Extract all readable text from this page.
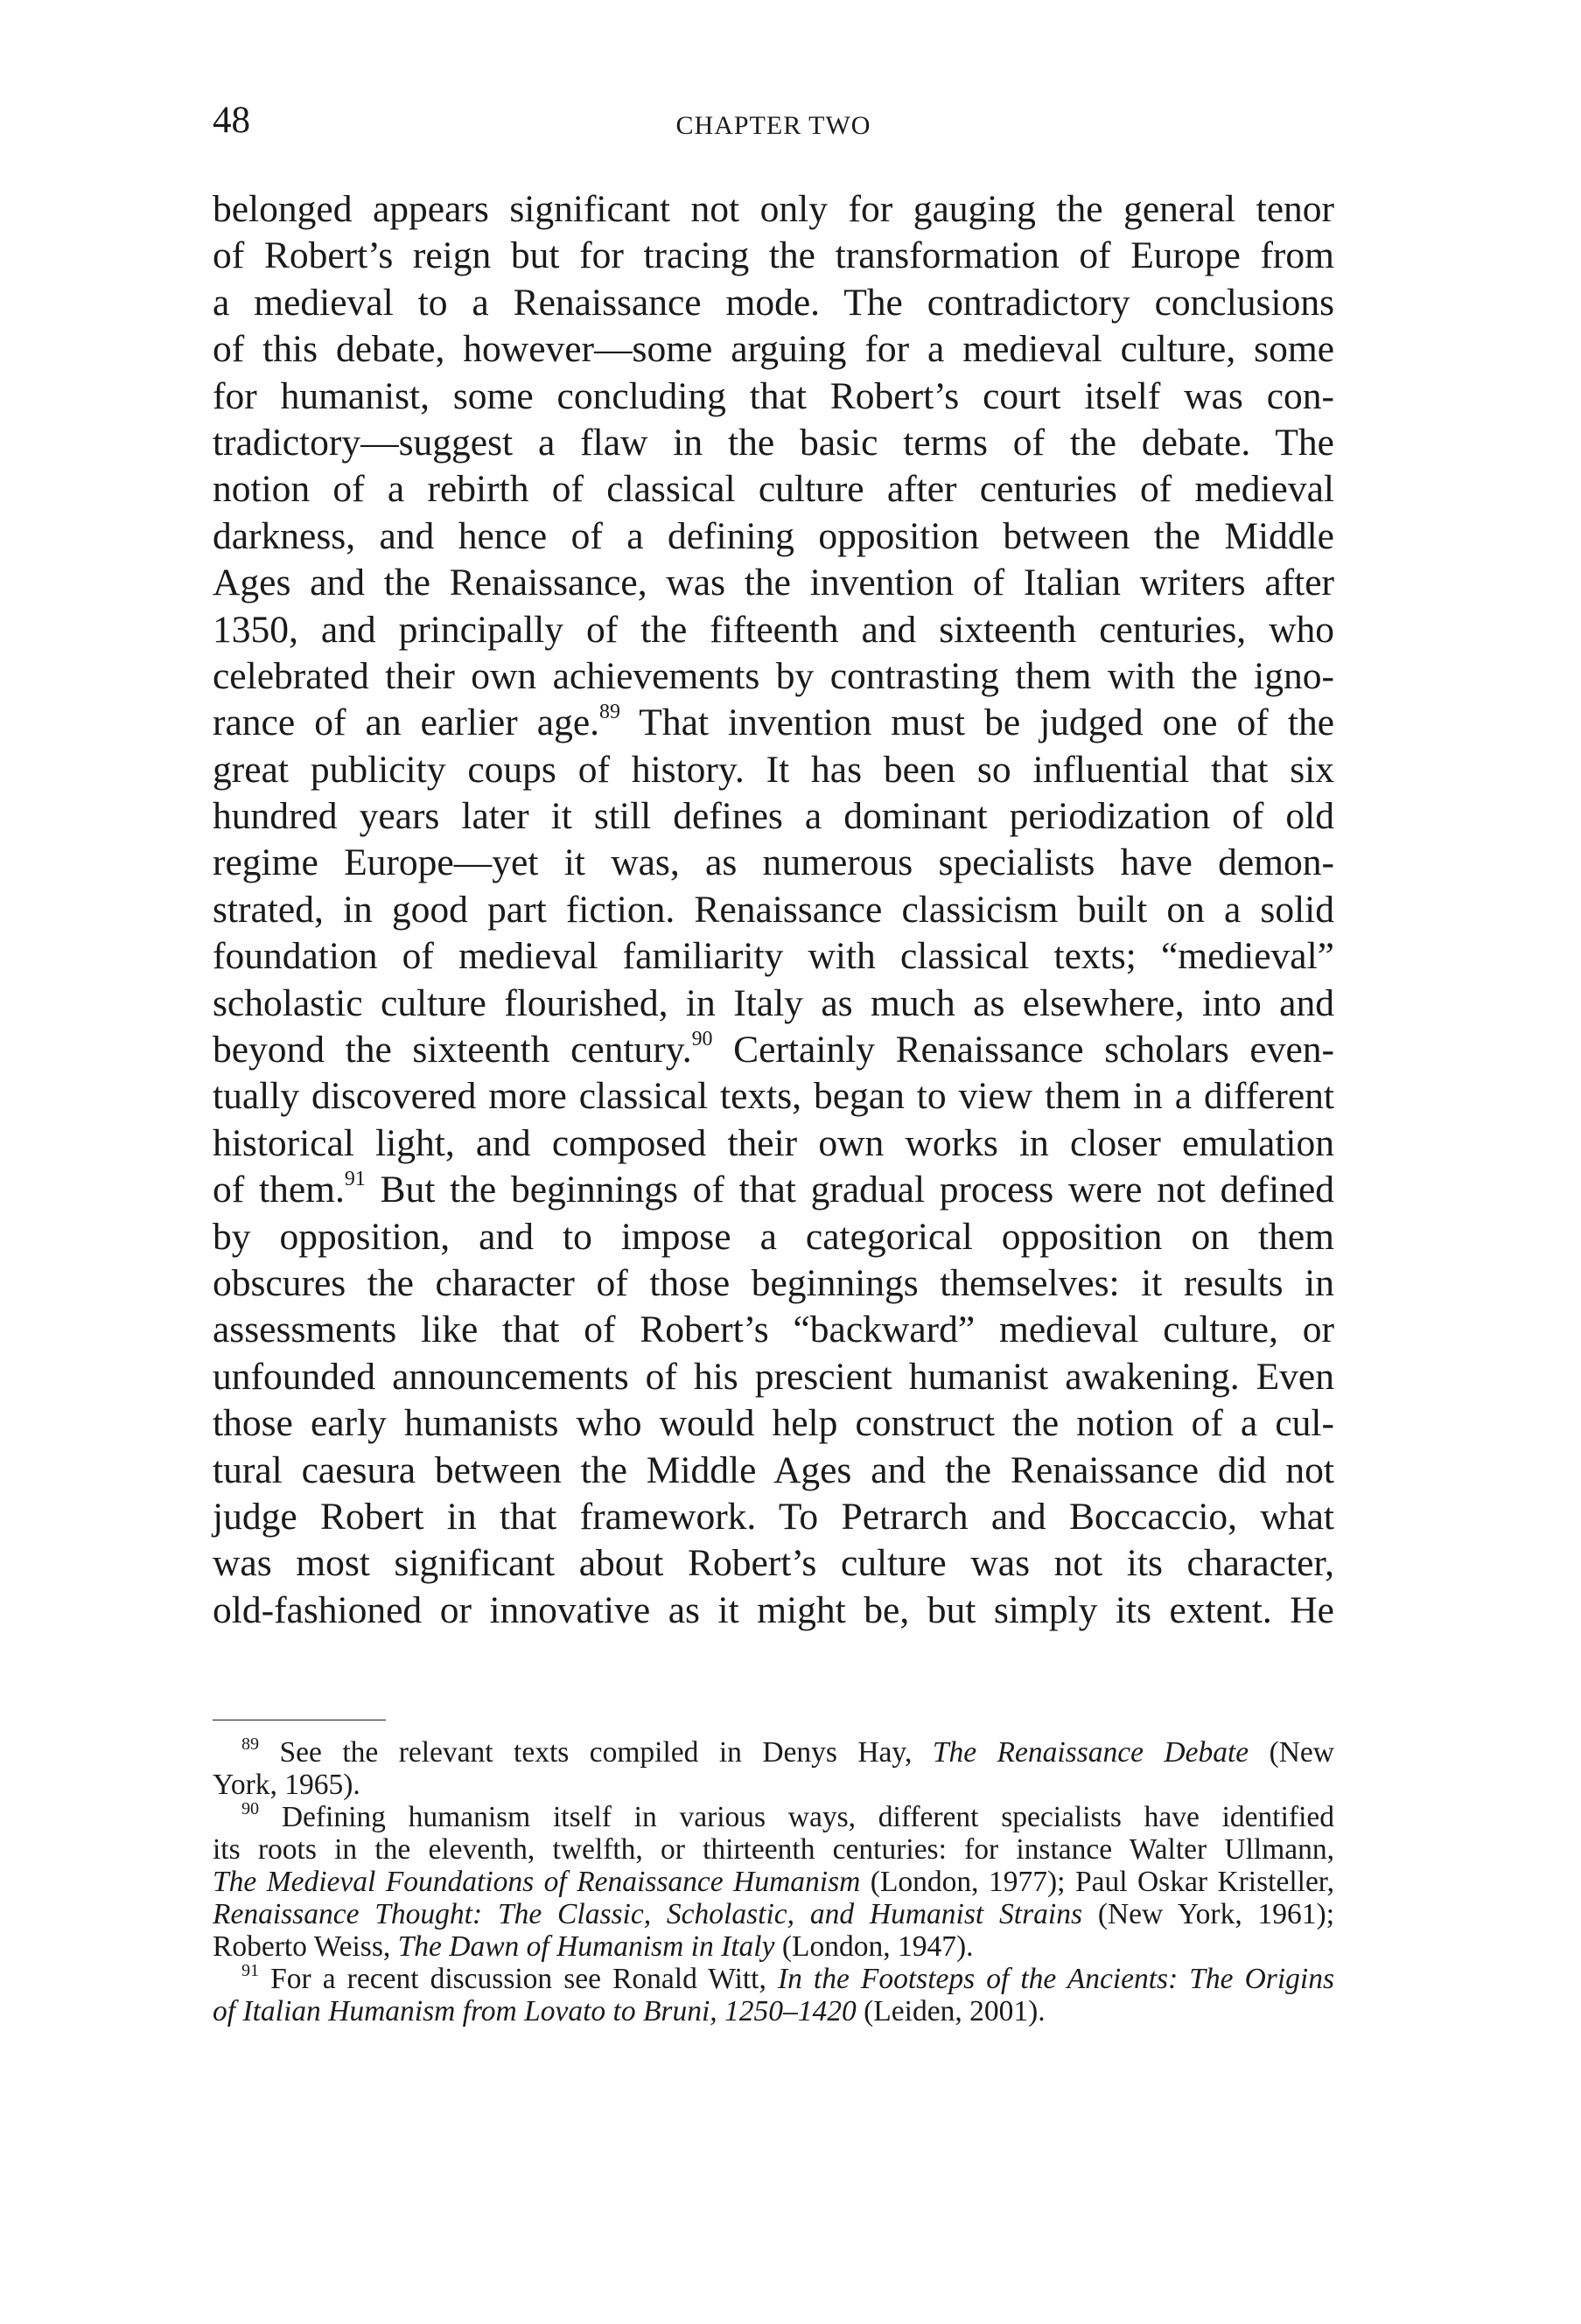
48	CHAPTER TWO
belonged appears significant not only for gauging the general tenor
of Robert’s reign but for tracing the transformation of Europe from
a medieval to a Renaissance mode. The contradictory conclusions
of this debate, however—some arguing for a medieval culture, some
for humanist, some concluding that Robert’s court itself was con-
tradictory—suggest a flaw in the basic terms of the debate. The
notion of a rebirth of classical culture after centuries of medieval
darkness, and hence of a defining opposition between the Middle
Ages and the Renaissance, was the invention of Italian writers after
1350, and principally of the fifteenth and sixteenth centuries, who
celebrated their own achievements by contrasting them with the igno-
rance of an earlier age.$^{89}$ That invention must be judged one of the
great publicity coups of history. It has been so influential that six
hundred years later it still defines a dominant periodization of old
regime Europe—yet it was, as numerous specialists have demon-
strated, in good part fiction. Renaissance classicism built on a solid
foundation of medieval familiarity with classical texts; “medieval”
scholastic culture flourished, in Italy as much as elsewhere, into and
beyond the sixteenth century.$^{90}$ Certainly Renaissance scholars even-
tually discovered more classical texts, began to view them in a different
historical light, and composed their own works in closer emulation
of them.$^{91}$ But the beginnings of that gradual process were not defined
by opposition, and to impose a categorical opposition on them
obscures the character of those beginnings themselves: it results in
assessments like that of Robert’s “backward” medieval culture, or
unfounded announcements of his prescient humanist awakening. Even
those early humanists who would help construct the notion of a cul-
tural caesura between the Middle Ages and the Renaissance did not
judge Robert in that framework. To Petrarch and Boccaccio, what
was most significant about Robert’s culture was not its character,
old-fashioned or innovative as it might be, but simply its extent. He
$^{89}$ See the relevant texts compiled in Denys Hay, The Renaissance Debate (New
York, 1965).
$^{90}$ Defining humanism itself in various ways, different specialists have identified
its roots in the eleventh, twelfth, or thirteenth centuries: for instance Walter Ullmann,
The Medieval Foundations of Renaissance Humanism (London, 1977); Paul Oskar Kristeller,
Renaissance Thought: The Classic, Scholastic, and Humanist Strains (New York, 1961);
Roberto Weiss, The Dawn of Humanism in Italy (London, 1947).
$^{91}$ For a recent discussion see Ronald Witt, In the Footsteps of the Ancients: The Origins
of Italian Humanism from Lovato to Bruni, 1250–1420 (Leiden, 2001).
